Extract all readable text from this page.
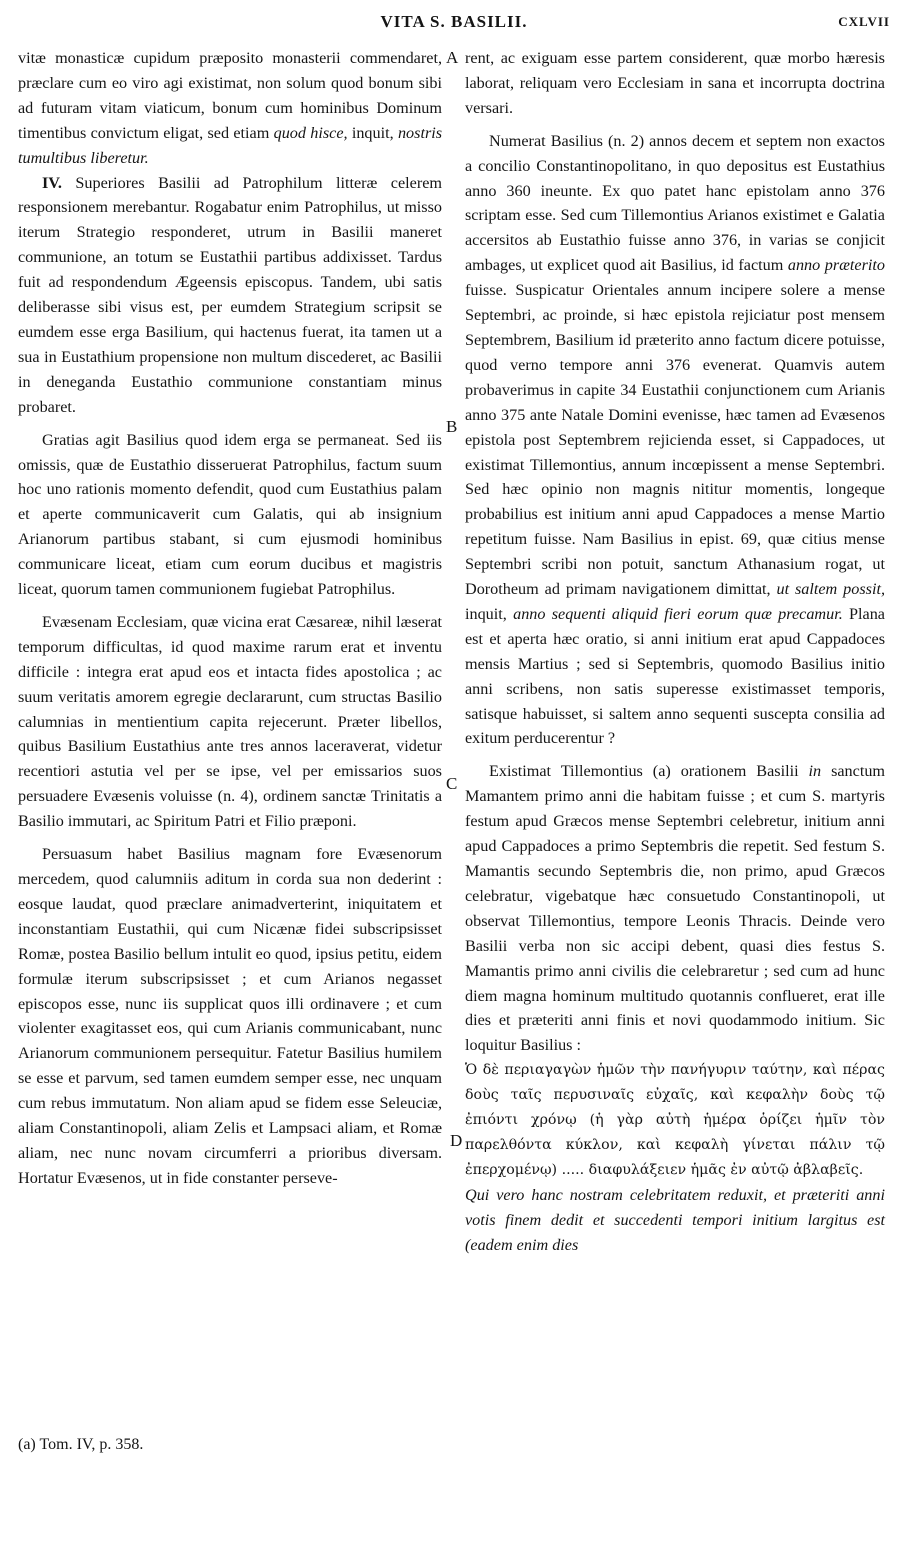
VITA S. BASILII.	CXLVII

vitæ monasticæ cupidum præposito monasterii commendaret, præclare cum eo viro agi existimat, non solum quod bonum sibi ad futuram vitam viaticum, bonum cum hominibus Dominum timentibus convictum eligat, sed etiam quod hisce, inquit, nostris tumultibus liberetur.

IV. Superiores Basilii ad Patrophilum litteræ celerem responsionem merebantur. Rogabatur enim Patrophilus, ut misso iterum Strategio responderet, utrum in Basilii maneret communione, an totum se Eustathii partibus addixisset. Tardus fuit ad respondendum Ægeensis episcopus. Tandem, ubi satis deliberasse sibi visus est, per eumdem Strategium scripsit se eumdem esse erga Basilium, qui hactenus fuerat, ita tamen ut a sua in Eustathium propensione non multum discederet, ac Basilii in deneganda Eustathio communione constantiam minus probaret.

Gratias agit Basilius quod idem erga se permaneat. Sed iis omissis, quæ de Eustathio disseruerat Patrophilus, factum suum hoc uno rationis momento defendit, quod cum Eustathius palam et aperte communicaverit cum Galatis, qui ab insignium Arianorum partibus stabant, si cum ejusmodi hominibus communicare liceat, etiam cum eorum ducibus et magistris liceat, quorum tamen communionem fugiebat Patrophilus.

Evæsenam Ecclesiam, quæ vicina erat Cæsareæ, nihil læserat temporum difficultas, id quod maxime rarum erat et inventu difficile : integra erat apud eos et intacta fides apostolica ; ac suum veritatis amorem egregie declararunt, cum structas Basilio calumnias in mentientium capita rejecerunt. Præter libellos, quibus Basilium Eustathius ante tres annos laceraverat, videtur recentiori astutia vel per se ipse, vel per emissarios suos persuadere Evæsenis voluisse (n. 4), ordinem sanctæ Trinitatis a Basilio immutari, ac Spiritum Patri et Filio præponi.

Persuasum habet Basilius magnam fore Evæsenorum mercedem, quod calumniis aditum in corda sua non dederint : eosque laudat, quod præclare animadverterint, iniquitatem et inconstantiam Eustathii, qui cum Nicænæ fidei subscripsisset Romæ, postea Basilio bellum intulit eo quod, ipsius petitu, eidem formulæ iterum subscripsisset ; et cum Arianos negasset episcopos esse, nunc iis supplicat quos illi ordinavere ; et cum violenter exagitasset eos, qui cum Arianis communicabant, nunc Arianorum communionem persequitur. Fatetur Basilius humilem se esse et parvum, sed tamen eumdem semper esse, nec unquam cum rebus immutatum. Non aliam apud se fidem esse Seleuciæ, aliam Constantinopoli, aliam Zelis et Lampsaci aliam, et Romæ aliam, nec nunc novam circumferri a prioribus diversam. Hortatur Evæsenos, ut in fide constanter perseve-

rent, ac exiguam esse partem considerent, quæ morbo hæresis laborat, reliquam vero Ecclesiam in sana et incorrupta doctrina versari.

Numerat Basilius (n. 2) annos decem et septem non exactos a concilio Constantinopolitano, in quo depositus est Eustathius anno 360 ineunte. Ex quo patet hanc epistolam anno 376 scriptam esse. Sed cum Tillemontius Arianos existimet e Galatia accersitos ab Eustathio fuisse anno 376, in varias se conjicit ambages, ut explicet quod ait Basilius, id factum anno præterito fuisse. Suspicatur Orientales annum incipere solere a mense Septembri, ac proinde, si hæc epistola rejiciatur post mensem Septembrem, Basilium id præterito anno factum dicere potuisse, quod verno tempore anni 376 evenerat. Quamvis autem probaverimus in capite 34 Eustathii conjunctionem cum Arianis anno 375 ante Natale Domini evenisse, hæc tamen ad Evæsenos epistola post Septembrem rejicienda esset, si Cappadoces, ut existimat Tillemontius, annum incœpissent a mense Septembri. Sed hæc opinio non magnis nititur momentis, longeque probabilius est initium anni apud Cappadoces a mense Martio repetitum fuisse. Nam Basilius in epist. 69, quæ citius mense Septembri scribi non potuit, sanctum Athanasium rogat, ut Dorotheum ad primam navigationem dimittat, ut saltem possit, inquit, anno sequenti aliquid fieri eorum quæ precamur. Plana est et aperta hæc oratio, si anni initium erat apud Cappadoces mensis Martius ; sed si Septembris, quomodo Basilius initio anni scribens, non satis superesse existimasset temporis, satisque habuisset, si saltem anno sequenti suscepta consilia ad exitum perducerentur ?

Existimat Tillemontius (a) orationem Basilii in sanctum Mamantem primo anni die habitam fuisse ; et cum S. martyris festum apud Græcos mense Septembri celebretur, initium anni apud Cappadoces a primo Septembris die repetit. Sed festum S. Mamantis secundo Septembris die, non primo, apud Græcos celebratur, vigebatque hæc consuetudo Constantinopoli, ut observat Tillemontius, tempore Leonis Thracis. Deinde vero Basilii verba non sic accipi debent, quasi dies festus S. Mamantis primo anni civilis die celebraretur ; sed cum ad hunc diem magna hominum multitudo quotannis conflueret, erat ille dies et præteriti anni finis et novi quodammodo initium. Sic loquitur Basilius :

Ὁ δὲ περιαγαγὼν ἡμῶν τὴν πανήγυριν ταύτην, καὶ πέρας δοὺς ταῖς περυσιναῖς εὐχαῖς, καὶ κεφαλὴν δοὺς τῷ ἐπιόντι χρόνῳ (ἡ γὰρ αὐτὴ ἡμέρα ὁρίζει ἡμῖν τὸν παρελθόντα κύκλον, καὶ κεφαλὴ γίνεται πάλιν τῷ ἐπερχομένῳ) ..... διαφυλάξειεν ἡμᾶς ἐν αὐτῷ ἀβλαβεῖς.

Qui vero hanc nostram celebritatem reduxit, et præteriti anni votis finem dedit et succedenti tempori initium largitus est (eadem enim dies

A
B
C
D
(a) Tom. IV, p. 358.
